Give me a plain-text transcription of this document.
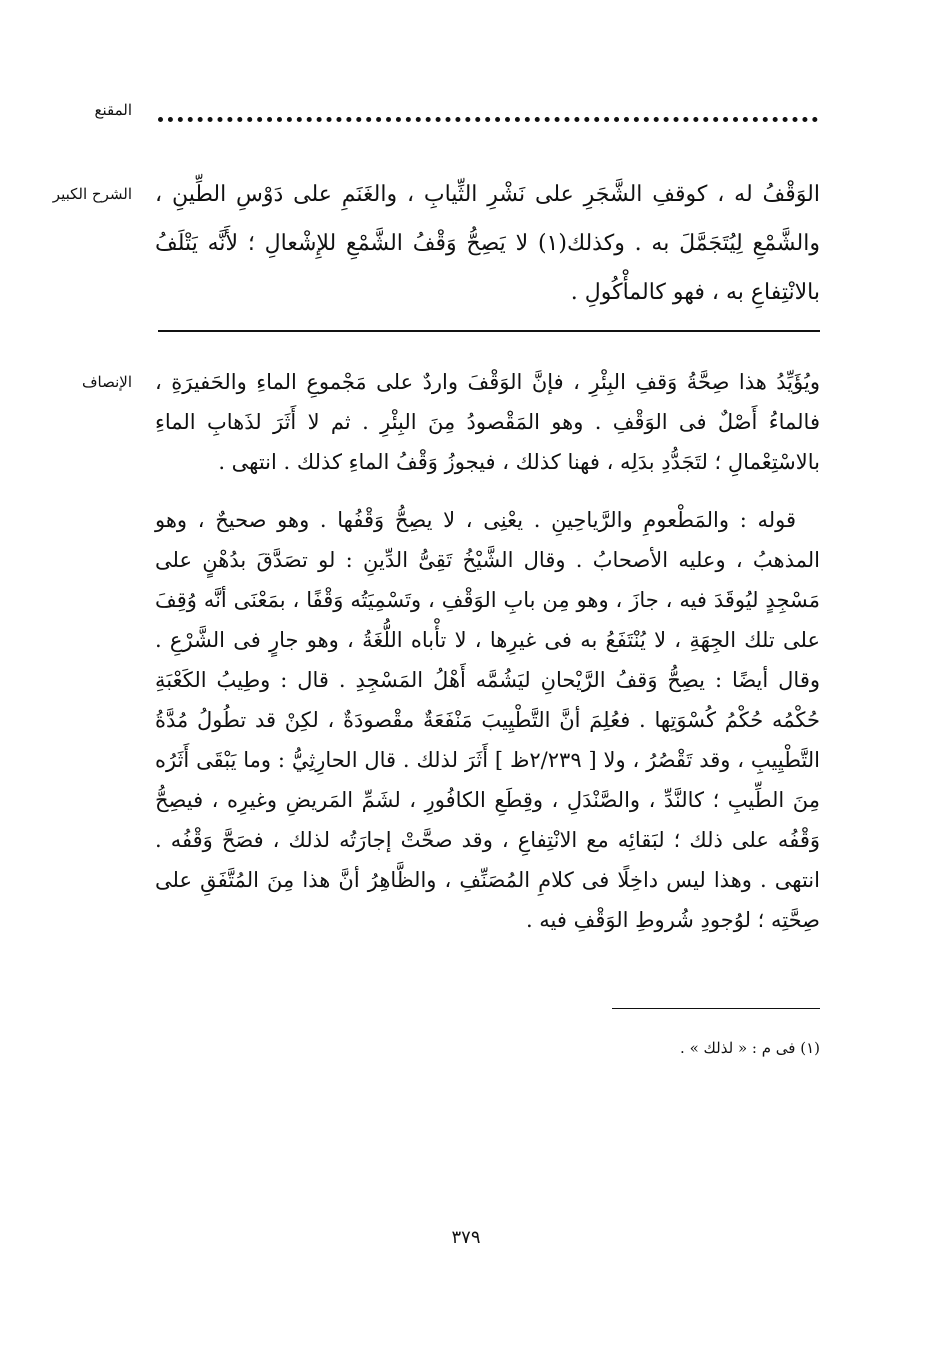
المقنع
الشرح الكبير الوَقْفُ له ، كوقفِ الشَّجَرِ على نَشْرِ الثِّيابِ ، والغَنَمِ على دَوْسِ الطِّينِ ، والشَّمْعِ لِيُتَجَمَّلَ به . وكذلك(١) لا يَصِحُّ وَقْفُ الشَّمْعِ للإِشْعالِ ؛ لأَنَّه يَتْلَفُ بالانْتِفاعِ به ، فهو كالمأْكُولِ .

الإنصاف ويُؤَيِّدُ هذا صِحَّةُ وَقفِ البِئْرِ ، فإنَّ الوَقْفَ واردٌ على مَجْموعِ الماءِ والحَفيرَةِ ، فالماءُ أَصْلٌ فى الوَقْفِ . وهو المَقْصودُ مِنَ البِئْرِ . ثم لا أَثَرَ لذَهابِ الماءِ بالاسْتِعْمالِ ؛ لتَجَدُّدِ بدَلِه ، فهنا كذلك ، فيجوزُ وَقْفُ الماءِ كذلك . انتهى .

قوله : والمَطْعومِ والرَّياحِينِ . يعْنِى ، لا يصِحُّ وَقْفُها . وهو صحيحٌ ، وهو المذهبُ ، وعليه الأصحابُ . وقال الشَّيْخُ تَقِىُّ الدِّينِ : لو تصَدَّقَ بدُهْنٍ على مَسْجِدٍ ليُوقَدَ فيه ، جازَ ، وهو مِن بابِ الوَقْفِ ، وتَسْمِيَتُه وَقْفًا ، بمَعْنَى أنَّه وُقِفَ على تلك الجِهَةِ ، لا يُنْتَفَعُ به فى غيرِها ، لا تأْباه اللُّغَةُ ، وهو جارٍ فى الشَّرْعِ . وقال أيضًا : يصِحُّ وَقفُ الرَّيْحانِ ليَشُمَّه أَهْلُ المَسْجِدِ . قال : وطِيبُ الكَعْبَةِ حُكْمُه حُكْمُ كُسْوَتِها . فعُلِمَ أنَّ التَّطْيِيبَ مَنْفَعَةٌ مقْصودَةٌ ، لكِنْ قد تطُولُ مُدَّةُ التَّطْيِيبِ ، وقد تَقْصُرُ ، ولا [ ٢/٢٣٩ظ ] أَثَرَ لذلك . قال الحارِثِيُّ : وما يَبْقَى أَثَرُه مِنَ الطِّيبِ ؛ كالنَّدِّ ، والصَّنْدَلِ ، وقِطَعِ الكافُورِ ، لشَمِّ المَريضِ وغيرِه ، فيصِحُّ وَقْفُه على ذلك ؛ لبَقائِه مع الانْتِفاعِ ، وقد صحَّتْ إجارَتُه لذلك ، فصَحَّ وَقْفُه . انتهى . وهذا ليس داخِلًا فى كلامِ المُصَنِّفِ ، والظَّاهِرُ أنَّ هذا مِنَ المُتَّفَقِ على صِحَّتِه ؛ لوُجودِ شُروطِ الوَقْفِ فيه .

(١) فى م : « لذلك » .
٣٧٩
